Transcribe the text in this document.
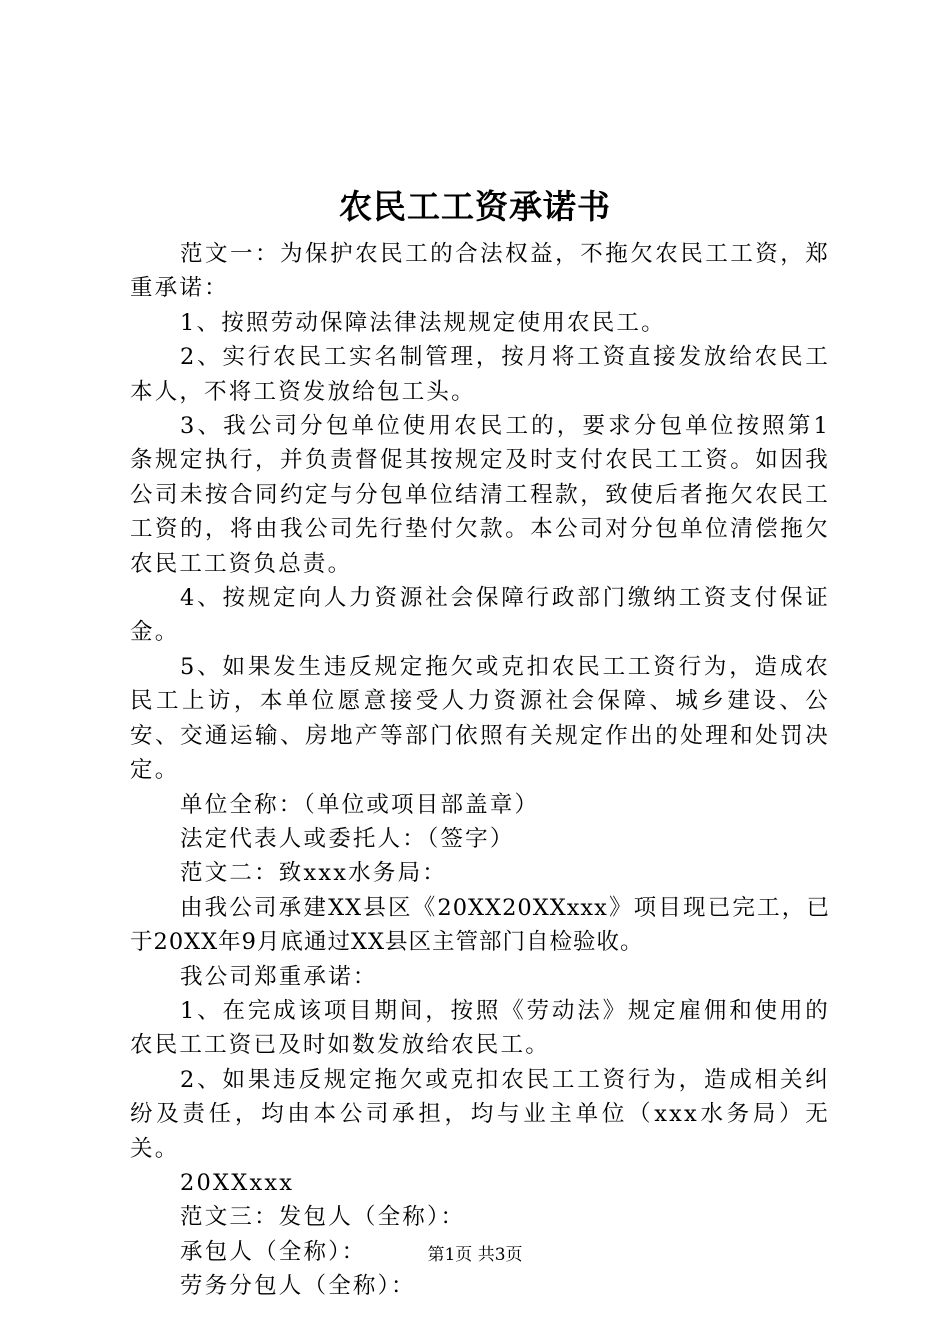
农民工工资承诺书

范文一：为保护农民工的合法权益，不拖欠农民工工资，郑重承诺：

1、按照劳动保障法律法规规定使用农民工。

2、实行农民工实名制管理，按月将工资直接发放给农民工本人，不将工资发放给包工头。

3、我公司分包单位使用农民工的，要求分包单位按照第1条规定执行，并负责督促其按规定及时支付农民工工资。如因我公司未按合同约定与分包单位结清工程款，致使后者拖欠农民工工资的，将由我公司先行垫付欠款。本公司对分包单位清偿拖欠农民工工资负总责。

4、按规定向人力资源社会保障行政部门缴纳工资支付保证金。

5、如果发生违反规定拖欠或克扣农民工工资行为，造成农民工上访，本单位愿意接受人力资源社会保障、城乡建设、公安、交通运输、房地产等部门依照有关规定作出的处理和处罚决定。

单位全称：（单位或项目部盖章）

法定代表人或委托人：（签字）

范文二：致xxx水务局：

由我公司承建XX县区《20XX20XXxxx》项目现已完工，已于20XX年9月底通过XX县区主管部门自检验收。

我公司郑重承诺：

1、在完成该项目期间，按照《劳动法》规定雇佣和使用的农民工工资已及时如数发放给农民工。

2、如果违反规定拖欠或克扣农民工工资行为，造成相关纠纷及责任，均由本公司承担，均与业主单位（xxx水务局）无关。

20XXxxx

范文三：发包人（全称）：

承包人（全称）：

劳务分包人（全称）：

第1页 共3页
